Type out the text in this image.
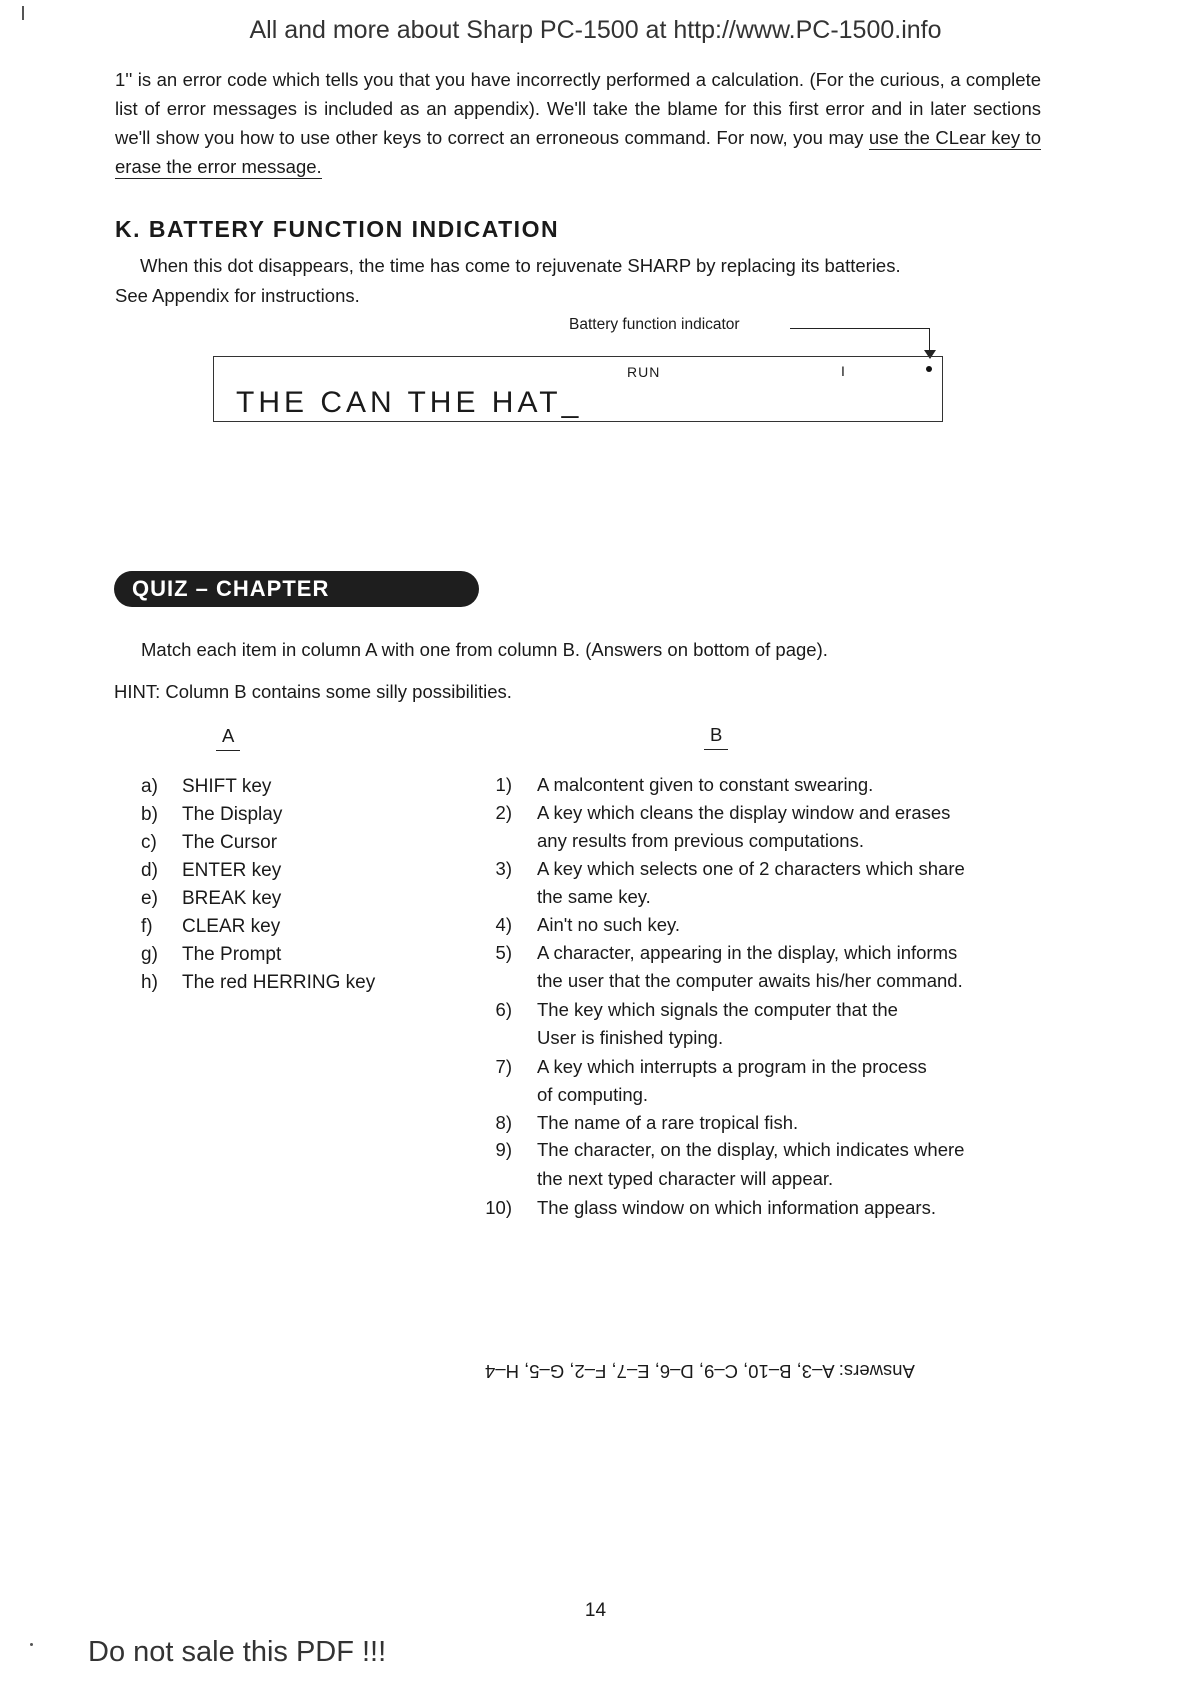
All and more about Sharp PC-1500 at http://www.PC-1500.info
1'' is an error code which tells you that you have incorrectly performed a calculation. (For the curious, a complete list of error messages is included as an appendix). We'll take the blame for this first error and in later sections we'll show you how to use other keys to correct an erroneous command. For now, you may use the CLear key to erase the error message.
K. BATTERY FUNCTION INDICATION
When this dot disappears, the time has come to rejuvenate SHARP by replacing its batteries.
See Appendix for instructions.
Battery function indicator
RUN	I
THE CAN THE HAT_
QUIZ – CHAPTER
Match each item in column A with one from column B. (Answers on bottom of page).
HINT: Column B contains some silly possibilities.
A	B
a) SHIFT key
b) The Display
c) The Cursor
d) ENTER key
e) BREAK key
f) CLEAR key
g) The Prompt
h) The red HERRING key
1) A malcontent given to constant swearing.
2) A key which cleans the display window and erases
any results from previous computations.
3) A key which selects one of 2 characters which share
the same key.
4) Ain't no such key.
5) A character, appearing in the display, which informs
the user that the computer awaits his/her command.
6) The key which signals the computer that the
User is finished typing.
7) A key which interrupts a program in the process
of computing.
8) The name of a rare tropical fish.
9) The character, on the display, which indicates where
the next typed character will appear.
10) The glass window on which information appears.
Answers: A–3, B–10, C–9, D–6, E–7, F–2, G–5, H–4
14
Do not sale this PDF !!!
